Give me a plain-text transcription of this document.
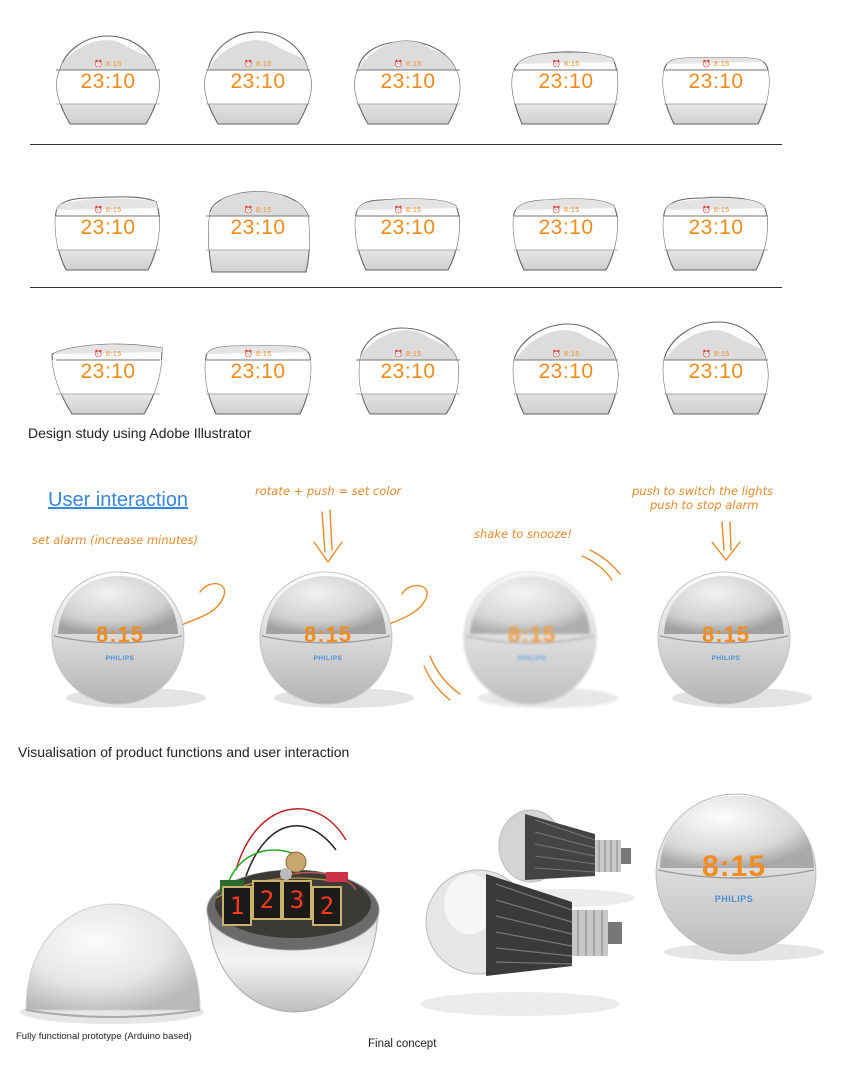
⏰ 8:15
23:10
⏰ 8:15
23:10
⏰ 8:15
23:10
⏰ 8:15
23:10
⏰ 8:15
23:10
⏰ 8:15
23:10
⏰ 8:15
23:10
⏰ 8:15
23:10
⏰ 8:15
23:10
⏰ 8:15
23:10
⏰ 8:15
23:10
⏰ 8:15
23:10
⏰ 8:15
23:10
⏰ 8:15
23:10
⏰ 8:15
23:10
Design study using Adobe Illustrator
User interaction
set alarm (increase minutes)
rotate + push = set color
shake to snooze!
push to switch the lights
push to stop alarm
8:15
PHILIPS
8:15
PHILIPS
8:15
PHILIPS
8:15
PHILIPS
Visualisation of product functions and user interaction
1 2 3 2
Fully functional prototype (Arduino based)
8:15
PHILIPS
Final concept
